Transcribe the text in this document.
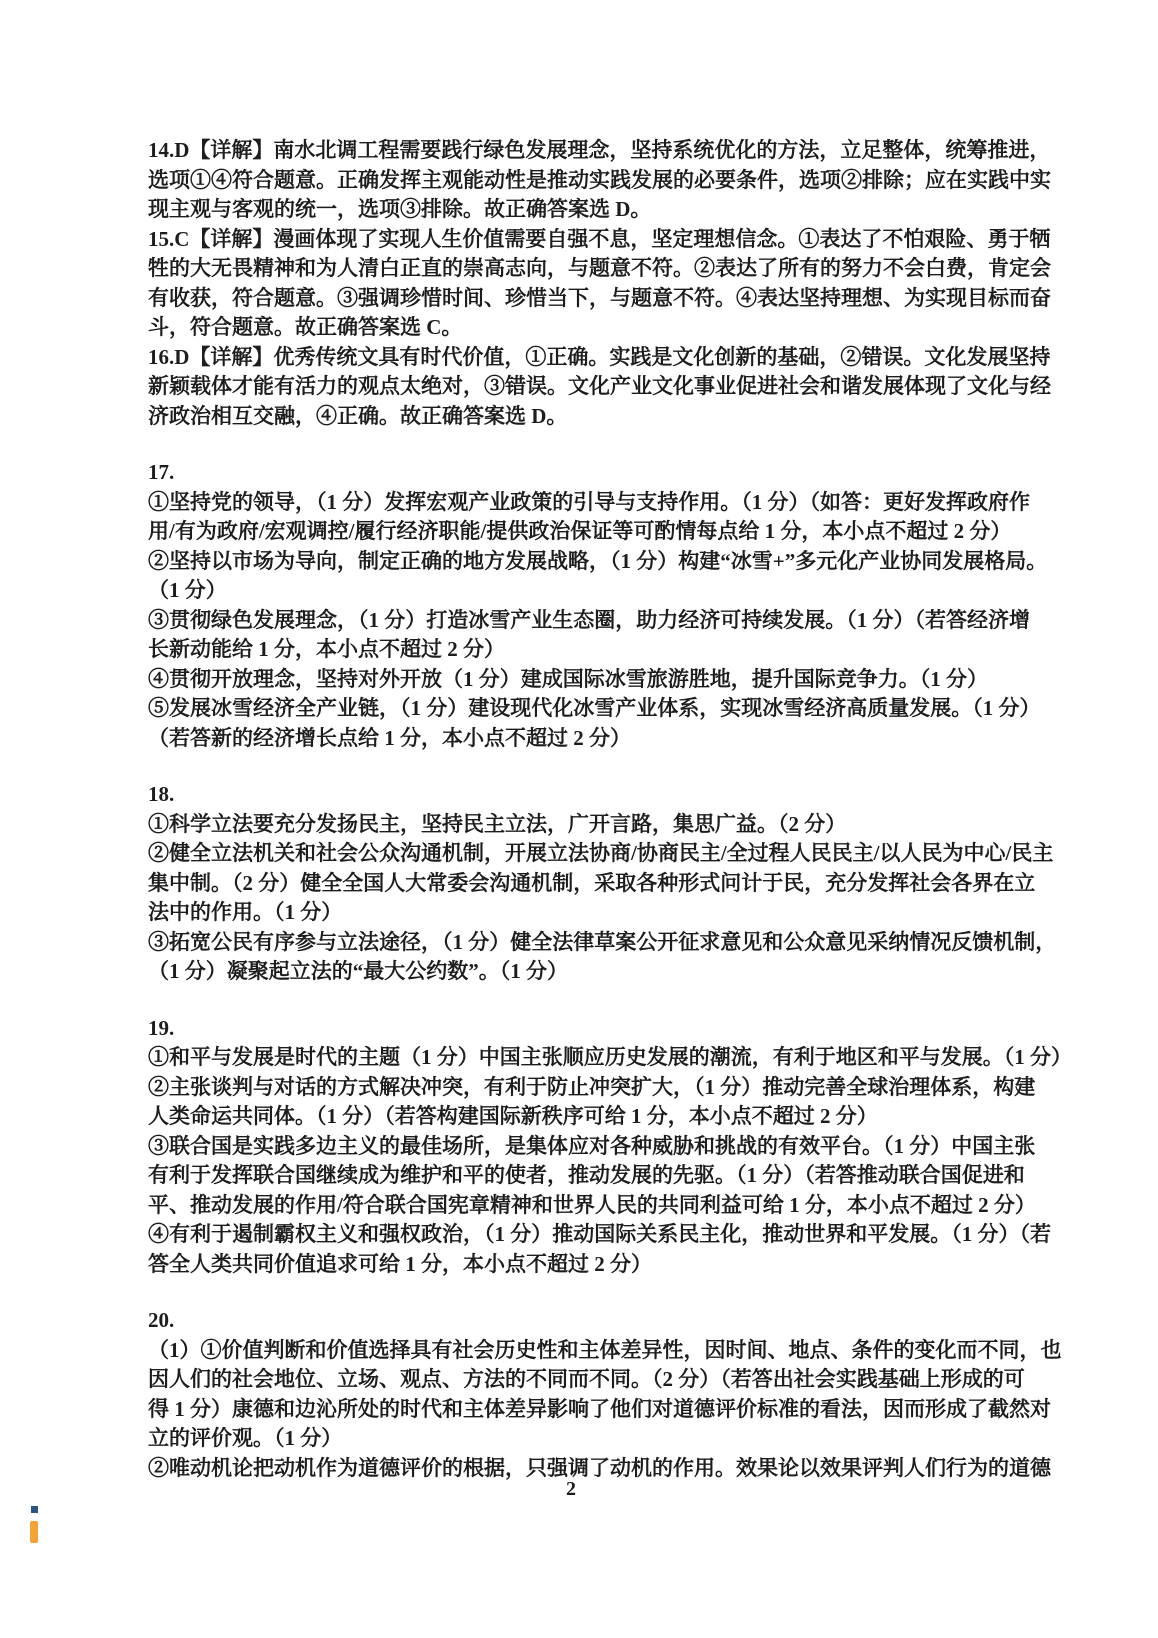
14.D【详解】南水北调工程需要践行绿色发展理念，坚持系统优化的方法，立足整体，统筹推进，
选项①④符合题意。正确发挥主观能动性是推动实践发展的必要条件，选项②排除；应在实践中实
现主观与客观的统一，选项③排除。故正确答案选 D。
15.C【详解】漫画体现了实现人生价值需要自强不息，坚定理想信念。①表达了不怕艰险、勇于牺
牲的大无畏精神和为人清白正直的崇高志向，与题意不符。②表达了所有的努力不会白费，肯定会
有收获，符合题意。③强调珍惜时间、珍惜当下，与题意不符。④表达坚持理想、为实现目标而奋
斗，符合题意。故正确答案选 C。
16.D【详解】优秀传统文具有时代价值，①正确。实践是文化创新的基础，②错误。文化发展坚持
新颖载体才能有活力的观点太绝对，③错误。文化产业文化事业促进社会和谐发展体现了文化与经
济政治相互交融，④正确。故正确答案选 D。
17.
①坚持党的领导，（1 分）发挥宏观产业政策的引导与支持作用。（1 分）（如答：更好发挥政府作
用/有为政府/宏观调控/履行经济职能/提供政治保证等可酌情每点给 1 分，本小点不超过 2 分）
②坚持以市场为导向，制定正确的地方发展战略，（1 分）构建“冰雪+”多元化产业协同发展格局。
（1 分）
③贯彻绿色发展理念，（1 分）打造冰雪产业生态圈，助力经济可持续发展。（1 分）（若答经济增
长新动能给 1 分，本小点不超过 2 分）
④贯彻开放理念，坚持对外开放（1 分）建成国际冰雪旅游胜地，提升国际竞争力。（1 分）
⑤发展冰雪经济全产业链，（1 分）建设现代化冰雪产业体系，实现冰雪经济高质量发展。（1 分）
（若答新的经济增长点给 1 分，本小点不超过 2 分）
18.
①科学立法要充分发扬民主，坚持民主立法，广开言路，集思广益。（2 分）
②健全立法机关和社会公众沟通机制，开展立法协商/协商民主/全过程人民民主/以人民为中心/民主
集中制。（2 分）健全全国人大常委会沟通机制，采取各种形式问计于民，充分发挥社会各界在立
法中的作用。（1 分）
③拓宽公民有序参与立法途径，（1 分）健全法律草案公开征求意见和公众意见采纳情况反馈机制，
（1 分）凝聚起立法的“最大公约数”。（1 分）
19.
①和平与发展是时代的主题（1 分）中国主张顺应历史发展的潮流，有利于地区和平与发展。（1 分）
②主张谈判与对话的方式解决冲突，有利于防止冲突扩大，（1 分）推动完善全球治理体系，构建
人类命运共同体。（1 分）（若答构建国际新秩序可给 1 分，本小点不超过 2 分）
③联合国是实践多边主义的最佳场所，是集体应对各种威胁和挑战的有效平台。（1 分）中国主张
有利于发挥联合国继续成为维护和平的使者，推动发展的先驱。（1 分）（若答推动联合国促进和
平、推动发展的作用/符合联合国宪章精神和世界人民的共同利益可给 1 分，本小点不超过 2 分）
④有利于遏制霸权主义和强权政治，（1 分）推动国际关系民主化，推动世界和平发展。（1 分）（若
答全人类共同价值追求可给 1 分，本小点不超过 2 分）
20.
（1）①价值判断和价值选择具有社会历史性和主体差异性，因时间、地点、条件的变化而不同，也
因人们的社会地位、立场、观点、方法的不同而不同。（2 分）（若答出社会实践基础上形成的可
得 1 分）康德和边沁所处的时代和主体差异影响了他们对道德评价标准的看法，因而形成了截然对
立的评价观。（1 分）
②唯动机论把动机作为道德评价的根据，只强调了动机的作用。效果论以效果评判人们行为的道德
2
